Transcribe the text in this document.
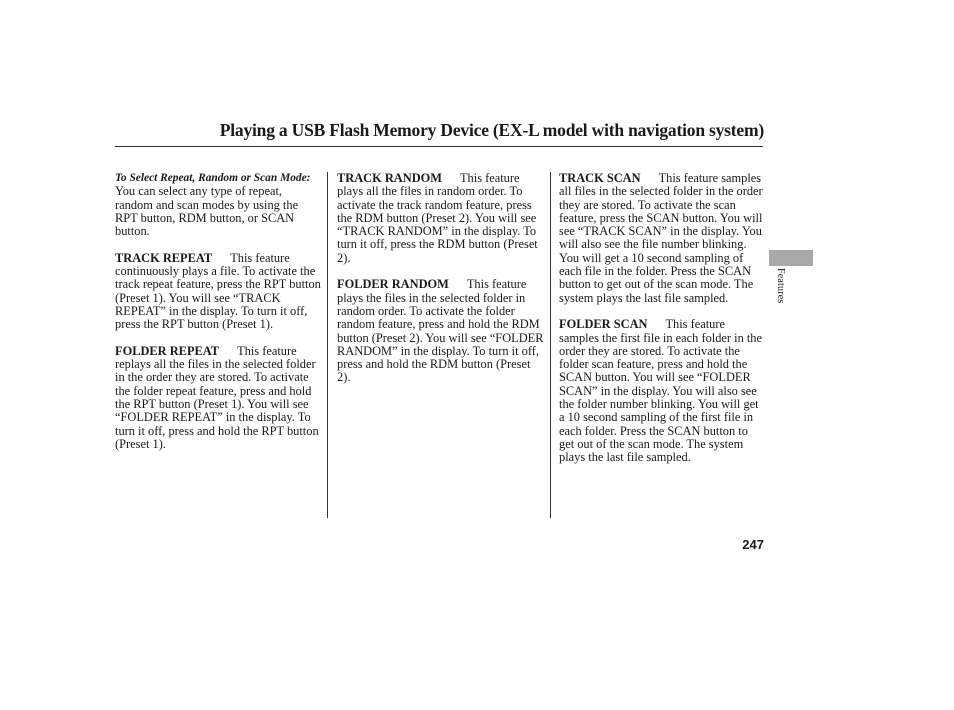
Playing a USB Flash Memory Device (EX-L model with navigation system)

To Select Repeat, Random or Scan Mode:
You can select any type of repeat, random and scan modes by using the RPT button, RDM button, or SCAN button.

TRACK REPEAT This feature continuously plays a file. To activate the track repeat feature, press the RPT button (Preset 1). You will see “TRACK REPEAT” in the display. To turn it off, press the RPT button (Preset 1).

FOLDER REPEAT This feature replays all the files in the selected folder in the order they are stored. To activate the folder repeat feature, press and hold the RPT button (Preset 1). You will see “FOLDER REPEAT” in the display. To turn it off, press and hold the RPT button (Preset 1).

TRACK RANDOM This feature plays all the files in random order. To activate the track random feature, press the RDM button (Preset 2). You will see “TRACK RANDOM” in the display. To turn it off, press the RDM button (Preset 2).

FOLDER RANDOM This feature plays the files in the selected folder in random order. To activate the folder random feature, press and hold the RDM button (Preset 2). You will see “FOLDER RANDOM” in the display. To turn it off, press and hold the RDM button (Preset 2).

TRACK SCAN This feature samples all files in the selected folder in the order they are stored. To activate the scan feature, press the SCAN button. You will see “TRACK SCAN” in the display. You will also see the file number blinking. You will get a 10 second sampling of each file in the folder. Press the SCAN button to get out of the scan mode. The system plays the last file sampled.

FOLDER SCAN This feature samples the first file in each folder in the order they are stored. To activate the folder scan feature, press and hold the SCAN button. You will see “FOLDER SCAN” in the display. You will also see the folder number blinking. You will get a 10 second sampling of the first file in each folder. Press the SCAN button to get out of the scan mode. The system plays the last file sampled.

Features
247
